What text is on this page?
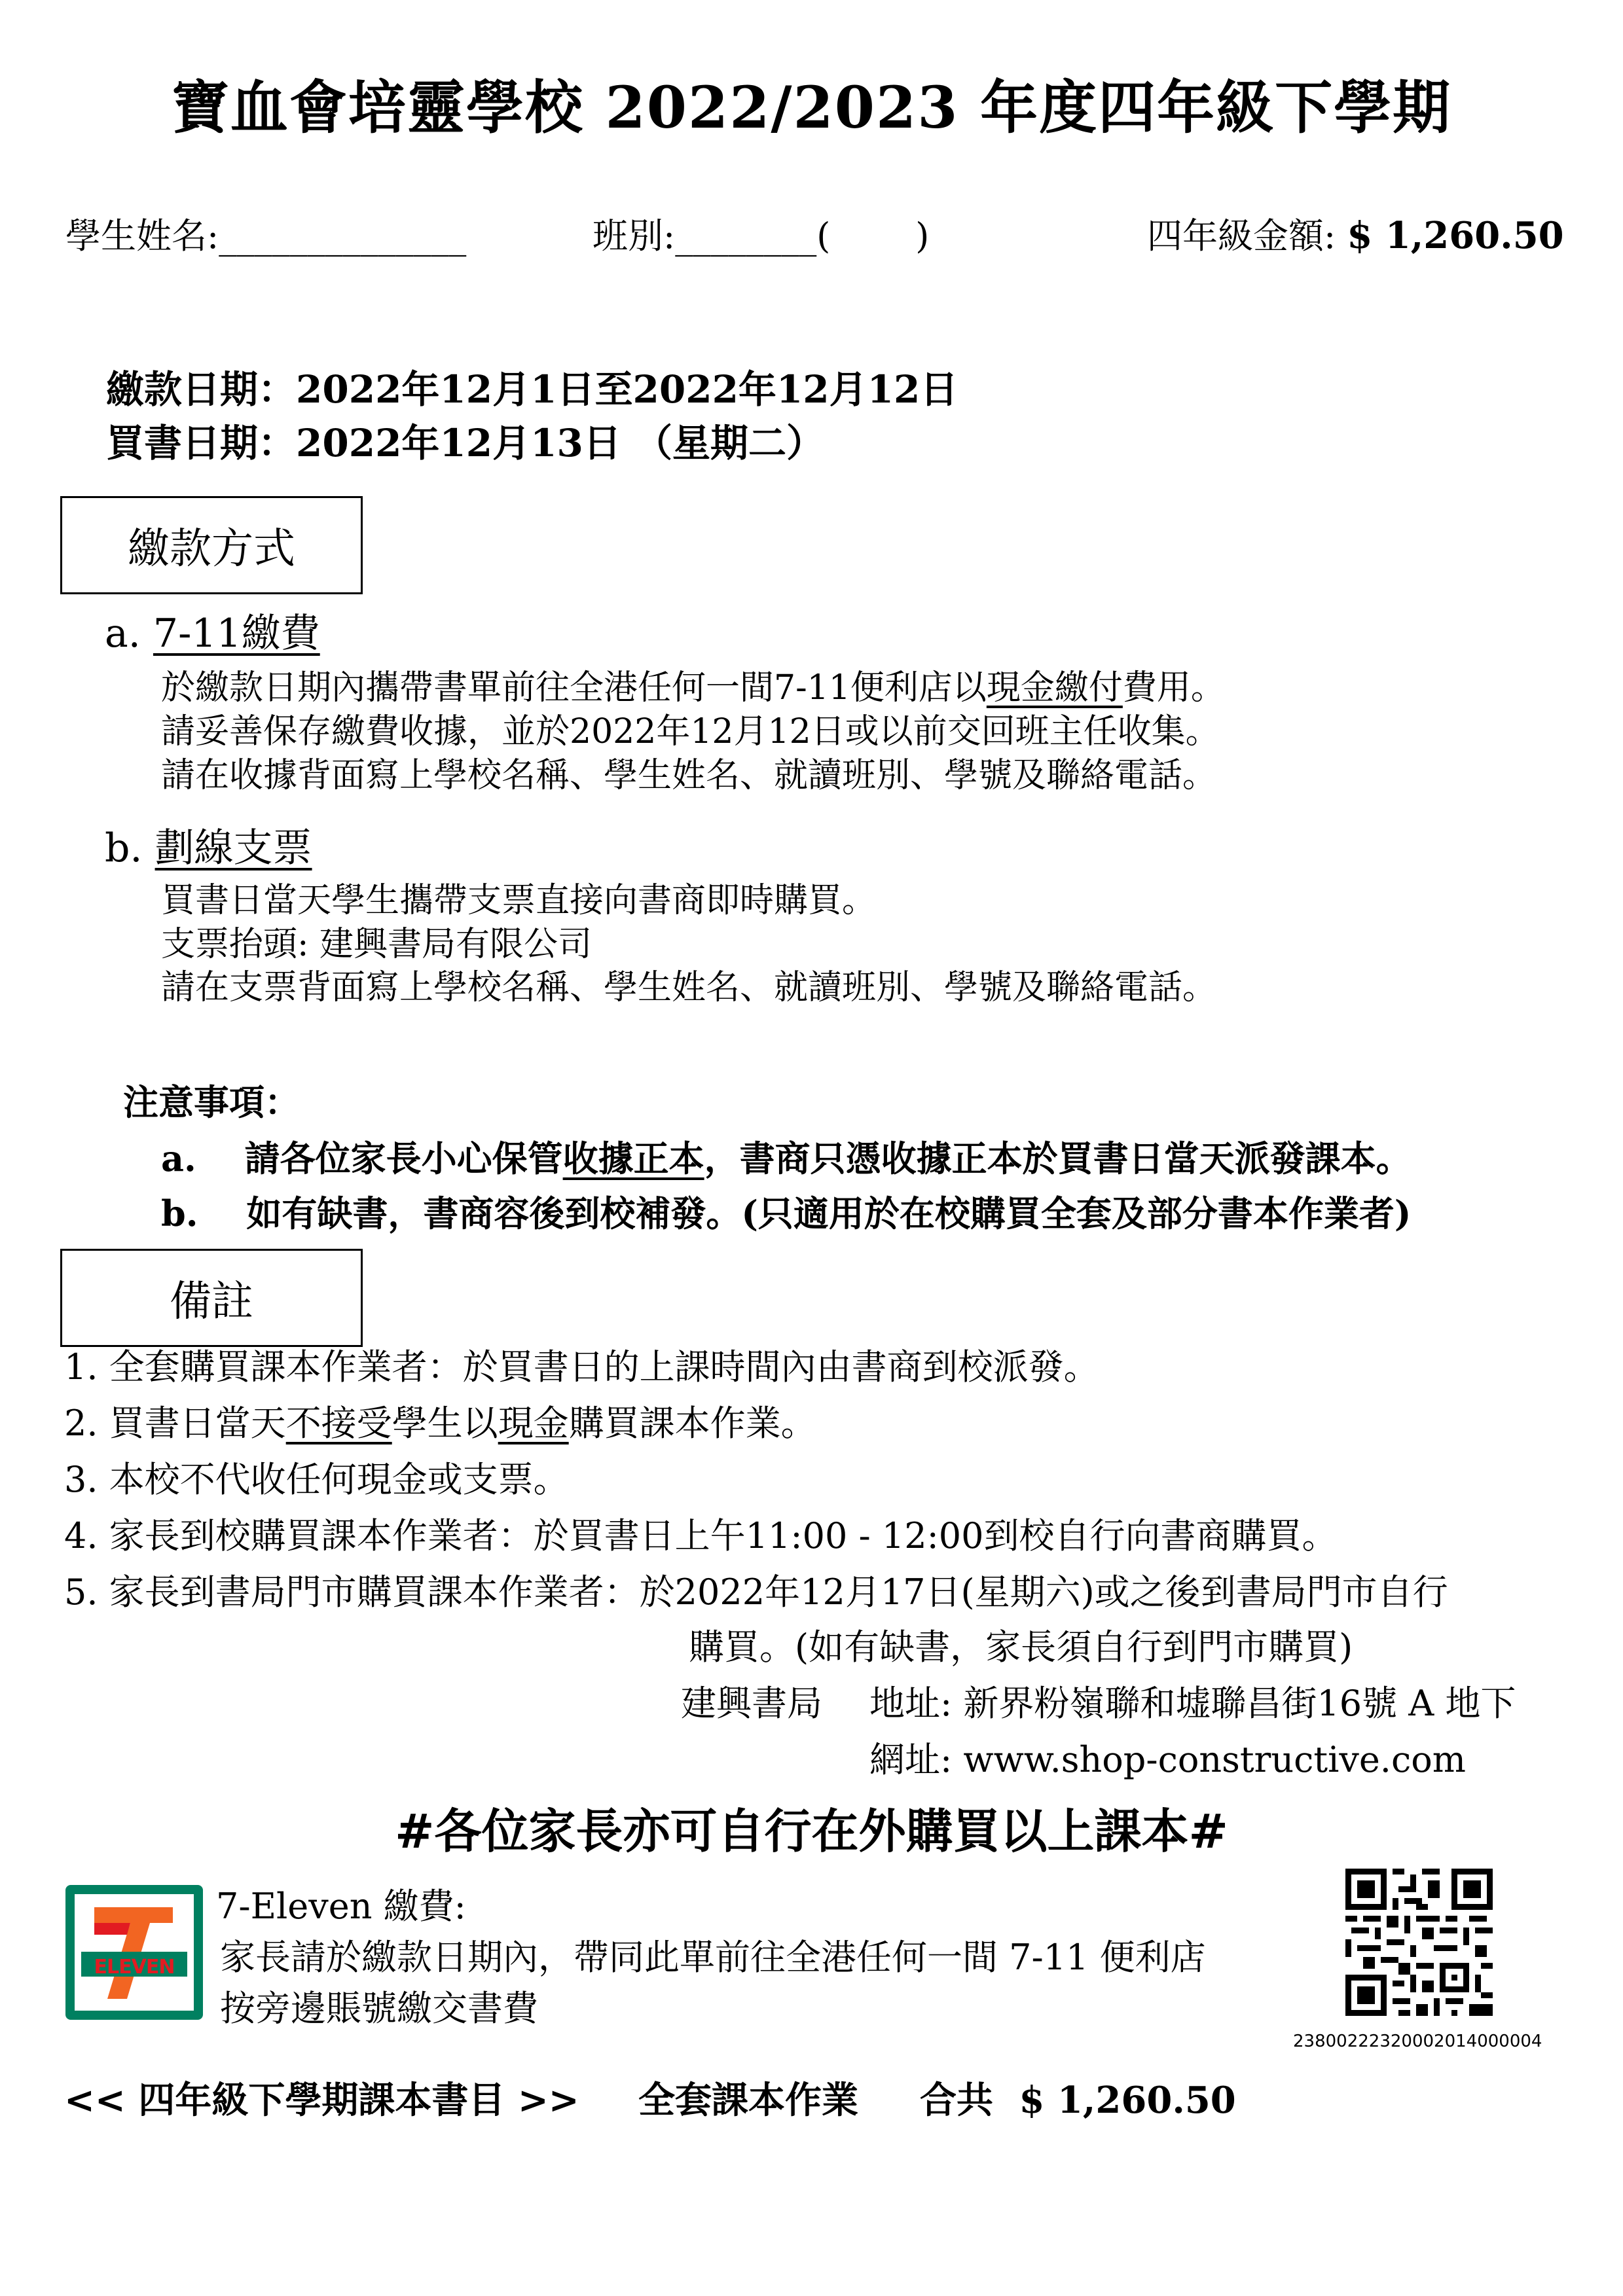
寶血會培靈學校 2022/2023 年度四年級下學期
學生姓名:______________	班別:________( )	四年級金額: $ 1,260.50
繳款日期：2022年12月1日至2022年12月12日
買書日期：2022年12月13日 （星期二）
繳款方式
a. 7-11繳費
於繳款日期內攜帶書單前往全港任何一間7-11便利店以現金繳付費用。
請妥善保存繳費收據，並於2022年12月12日或以前交回班主任收集。
請在收據背面寫上學校名稱、學生姓名、就讀班別、學號及聯絡電話。
b. 劃線支票
買書日當天學生攜帶支票直接向書商即時購買。
支票抬頭: 建興書局有限公司
請在支票背面寫上學校名稱、學生姓名、就讀班別、學號及聯絡電話。
注意事項：
a. 請各位家長小心保管收據正本，書商只憑收據正本於買書日當天派發課本。
b. 如有缺書，書商容後到校補發。(只適用於在校購買全套及部分書本作業者)
備註
1. 全套購買課本作業者：於買書日的上課時間內由書商到校派發。
2. 買書日當天不接受學生以現金購買課本作業。
3. 本校不代收任何現金或支票。
4. 家長到校購買課本作業者：於買書日上午11:00 - 12:00到校自行向書商購買。
5. 家長到書局門市購買課本作業者：於2022年12月17日(星期六)或之後到書局門市自行
購買。(如有缺書，家長須自行到門市購買)
建興書局 地址: 新界粉嶺聯和墟聯昌街16號 A 地下
網址: www.shop-constructive.com
#各位家長亦可自行在外購買以上課本#
ELEVEN
7-Eleven 繳費:
家長請於繳款日期內，帶同此單前往全港任何一間 7-11 便利店
按旁邊賬號繳交書費
23800222320002014000004
<< 四年級下學期課本書目 >> 全套課本作業 合共 $ 1,260.50
